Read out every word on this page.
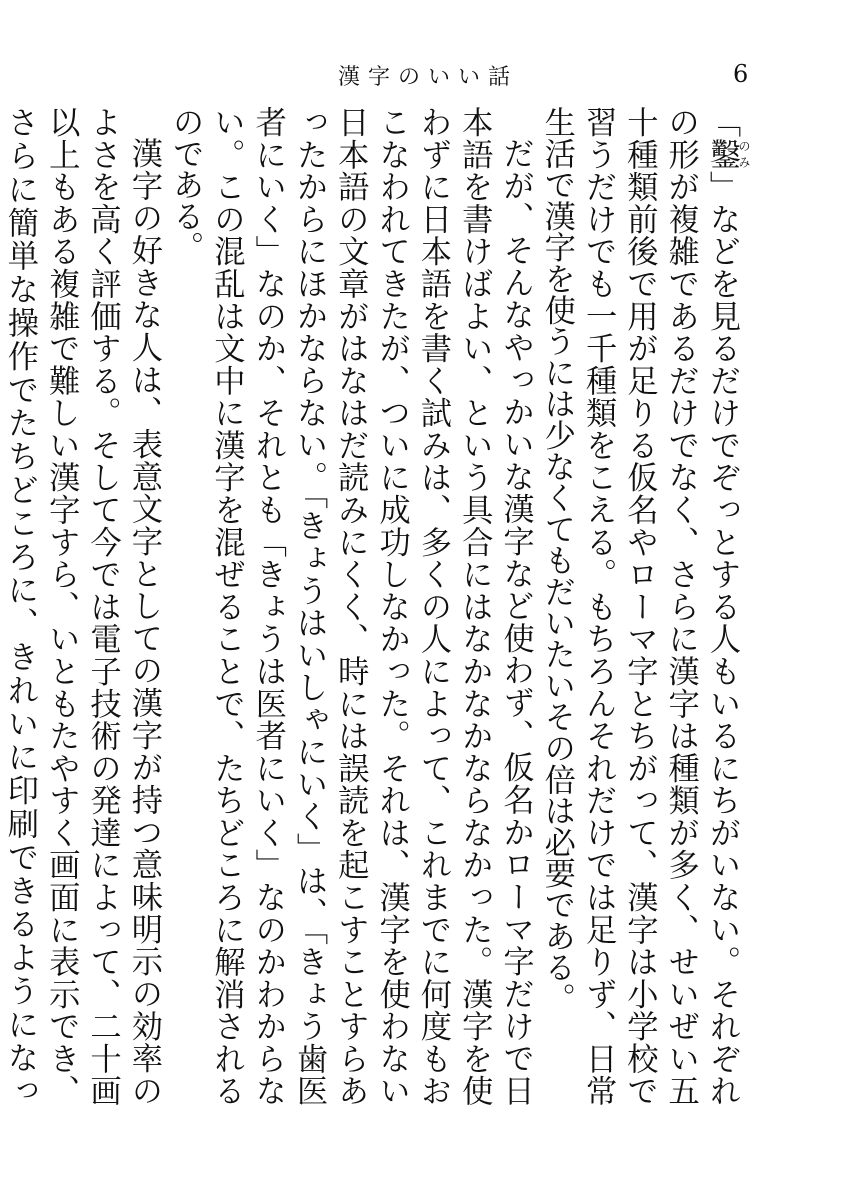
漢字のいい話	6

「鑿のみ」などを見るだけでぞっとする人もいるにちがいない。それぞれの形が複雑であるだけでなく、さらに漢字は種類が多く、せいぜい五十種類前後で用が足りる仮名やローマ字とちがって、漢字は小学校で習うだけでも一千種類をこえる。もちろんそれだけでは足りず、日常生活で漢字を使うには少なくてもだいたいその倍は必要である。

だが、そんなやっかいな漢字など使わず、仮名かローマ字だけで日本語を書けばよい、という具合にはなかなかならなかった。漢字を使わずに日本語を書く試みは、多くの人によって、これまでに何度もおこなわれてきたが、ついに成功しなかった。それは、漢字を使わない日本語の文章がはなはだ読みにくく、時には誤読を起こすことすらあったからにほかならない。「きょうはいしゃにいく」は、「きょう歯医者にいく」なのか、それとも「きょうは医者にいく」なのかわからない。この混乱は文中に漢字を混ぜることで、たちどころに解消されるのである。

漢字の好きな人は、表意文字としての漢字が持つ意味明示の効率のよさを高く評価する。そして今では電子技術の発達によって、二十画以上もある複雑で難しい漢字すら、いともたやすく画面に表示でき、さらに簡単な操作でたちどころに、きれいに印刷できるようになっ
